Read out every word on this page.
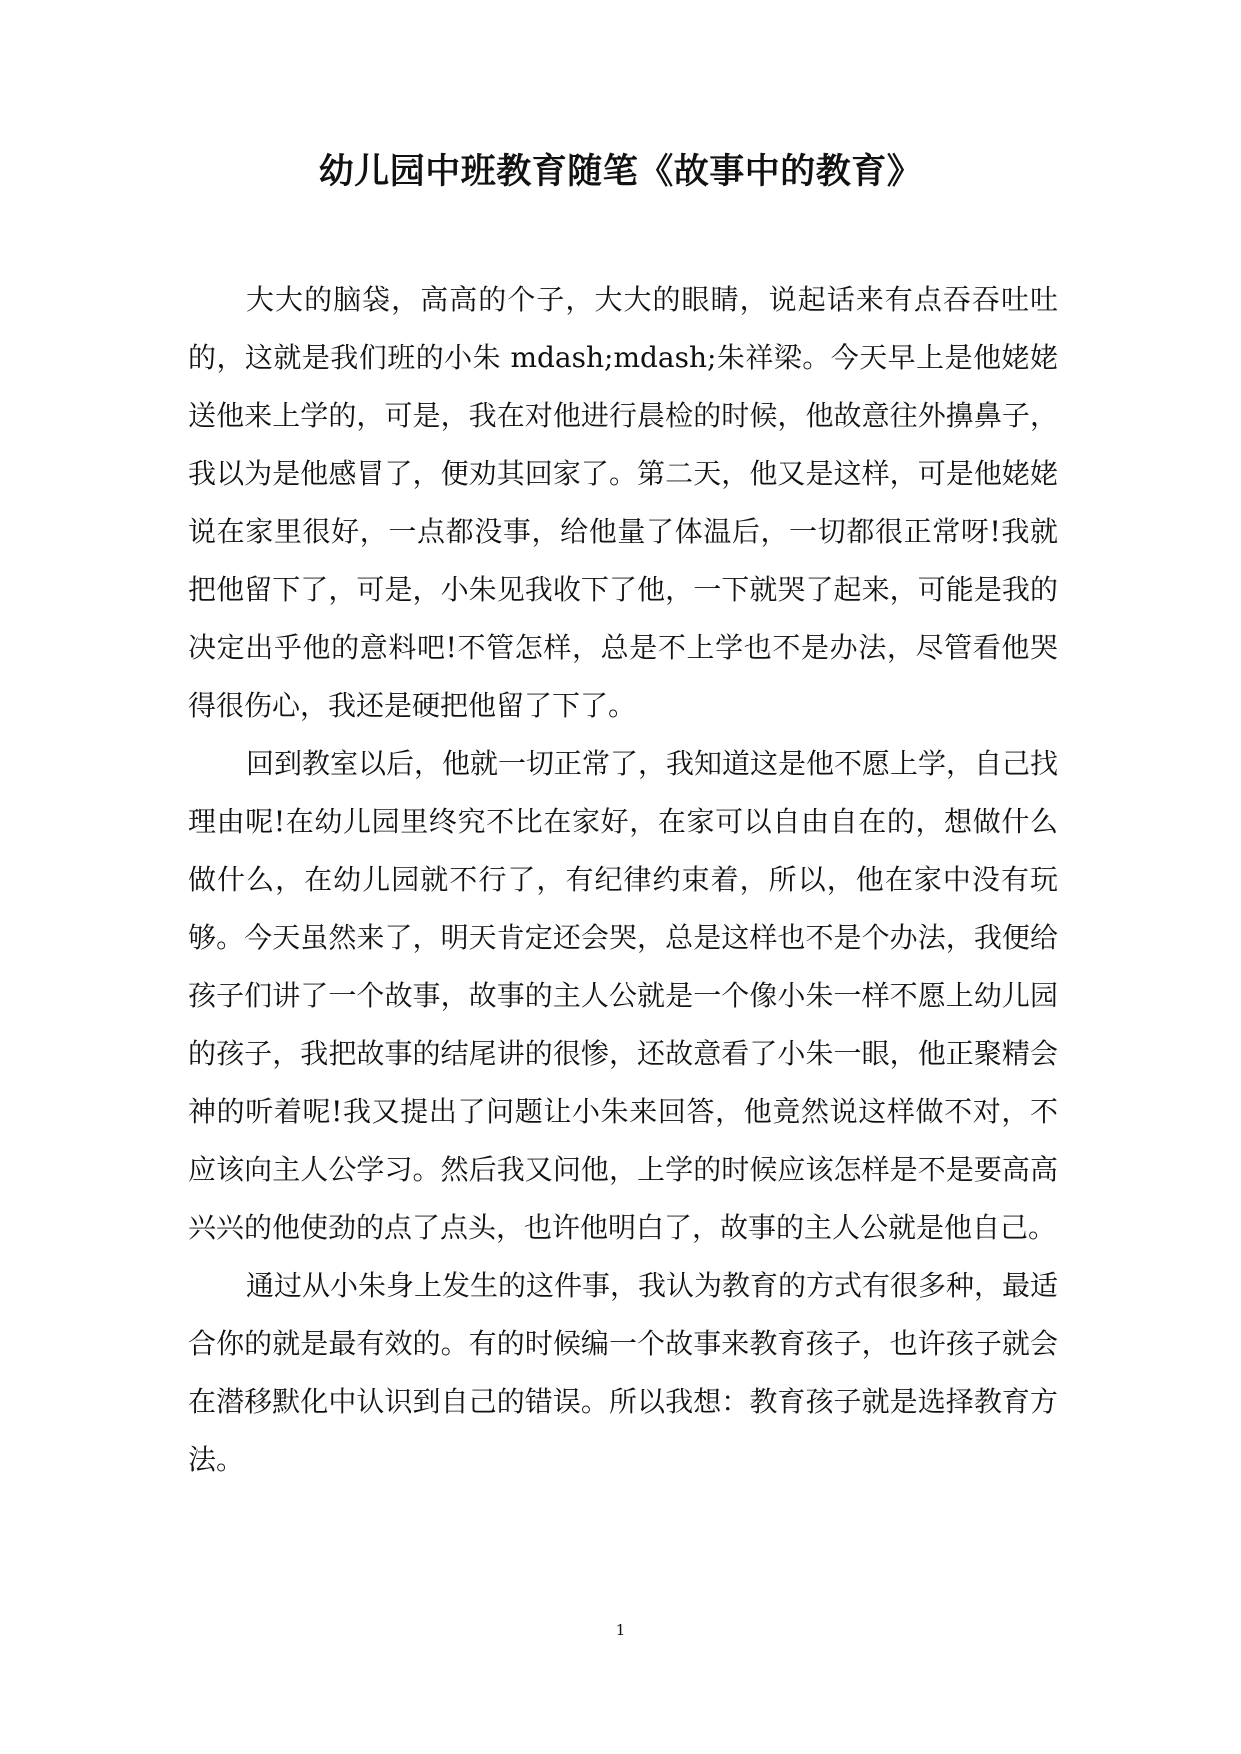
幼儿园中班教育随笔《故事中的教育》

大大的脑袋，高高的个子，大大的眼睛，说起话来有点吞吞吐吐的，这就是我们班的小朱 mdash;mdash;朱祥梁。今天早上是他姥姥送他来上学的，可是，我在对他进行晨检的时候，他故意往外擤鼻子，我以为是他感冒了，便劝其回家了。第二天，他又是这样，可是他姥姥说在家里很好，一点都没事，给他量了体温后，一切都很正常呀!我就把他留下了，可是，小朱见我收下了他，一下就哭了起来，可能是我的决定出乎他的意料吧!不管怎样，总是不上学也不是办法，尽管看他哭得很伤心，我还是硬把他留了下了。

回到教室以后，他就一切正常了，我知道这是他不愿上学，自己找理由呢!在幼儿园里终究不比在家好，在家可以自由自在的，想做什么做什么，在幼儿园就不行了，有纪律约束着，所以，他在家中没有玩够。今天虽然来了，明天肯定还会哭，总是这样也不是个办法，我便给孩子们讲了一个故事，故事的主人公就是一个像小朱一样不愿上幼儿园的孩子，我把故事的结尾讲的很惨，还故意看了小朱一眼，他正聚精会神的听着呢!我又提出了问题让小朱来回答，他竟然说这样做不对，不应该向主人公学习。然后我又问他，上学的时候应该怎样是不是要高高兴兴的他使劲的点了点头，也许他明白了，故事的主人公就是他自己。

通过从小朱身上发生的这件事，我认为教育的方式有很多种，最适合你的就是最有效的。有的时候编一个故事来教育孩子，也许孩子就会在潜移默化中认识到自己的错误。所以我想：教育孩子就是选择教育方法。

1
